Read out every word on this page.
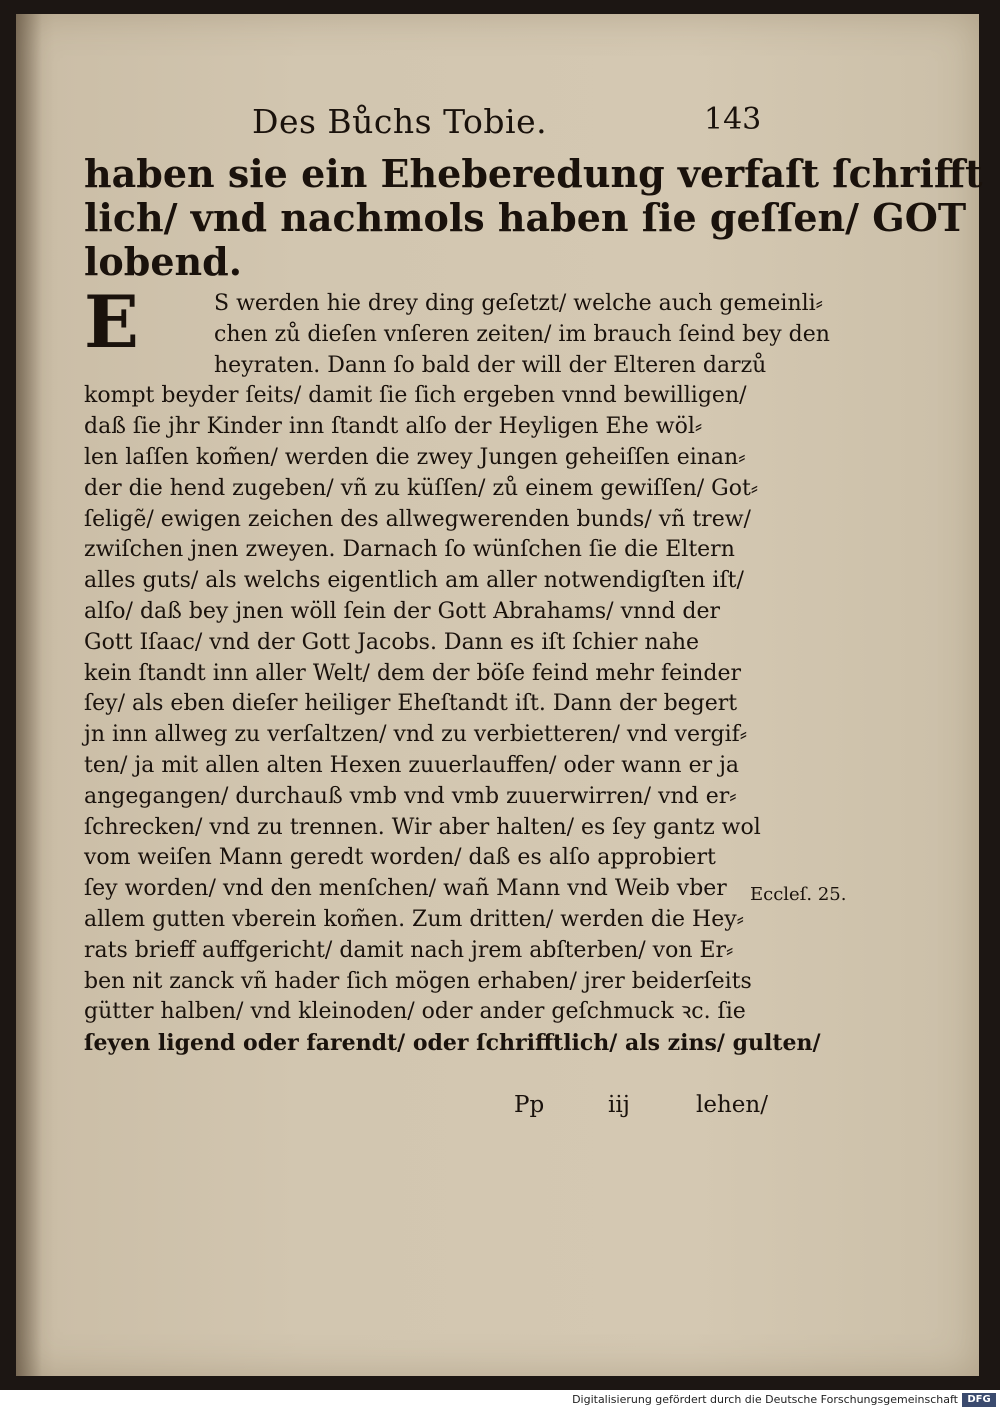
Des Bůchs Tobie.	143
haben sie ein Eheberedung verfaſt ſchrifft
lich/ vnd nachmols haben ſie geſſen/ GOT
lobend.
E	S werden hie drey ding geſetzt/ welche auch gemeinli⸗
chen zů dieſen vnſeren zeiten/ im brauch ſeind bey den
heyraten. Dann ſo bald der will der Elteren darzů
kompt beyder ſeits/ damit ſie ſich ergeben vnnd bewilligen/
daß ſie jhr Kinder inn ſtandt alſo der Heyligen Ehe wöl⸗
len laſſen kom̃en/ werden die zwey Jungen geheiſſen einan⸗
der die hend zugeben/ vñ zu küſſen/ zů einem gewiſſen/ Got⸗
ſeligẽ/ ewigen zeichen des allwegwerenden bunds/ vñ trew/
zwiſchen jnen zweyen. Darnach ſo wünſchen ſie die Eltern
alles guts/ als welchs eigentlich am aller notwendigſten iſt/
alſo/ daß bey jnen wöll ſein der Gott Abrahams/ vnnd der
Gott Iſaac/ vnd der Gott Jacobs. Dann es iſt ſchier nahe
kein ſtandt inn aller Welt/ dem der böſe feind mehr feinder
ſey/ als eben dieſer heiliger Eheſtandt iſt. Dann der begert
jn inn allweg zu verſaltzen/ vnd zu verbietteren/ vnd vergif⸗
ten/ ja mit allen alten Hexen zuuerlauffen/ oder wann er ja
angegangen/ durchauß vmb vnd vmb zuuerwirren/ vnd er⸗
ſchrecken/ vnd zu trennen. Wir aber halten/ es ſey gantz wol
vom weiſen Mann geredt worden/ daß es alſo approbiert
ſey worden/ vnd den menſchen/ wañ Mann vnd Weib vber
allem gutten vberein kom̃en. Zum dritten/ werden die Hey⸗
rats brieff auffgericht/ damit nach jrem abſterben/ von Er⸗
ben nit zanck vñ hader ſich mögen erhaben/ jrer beiderſeits
gütter halben/ vnd kleinoden/ oder ander geſchmuck ꝛc. ſie
ſeyen ligend oder farendt/ oder ſchrifftlich/ als zins/ gulten/
Eccleſ. 25.
Pp	iij	lehen/
Digitalisierung gefördert durch die Deutsche Forschungsgemeinschaft DFG
